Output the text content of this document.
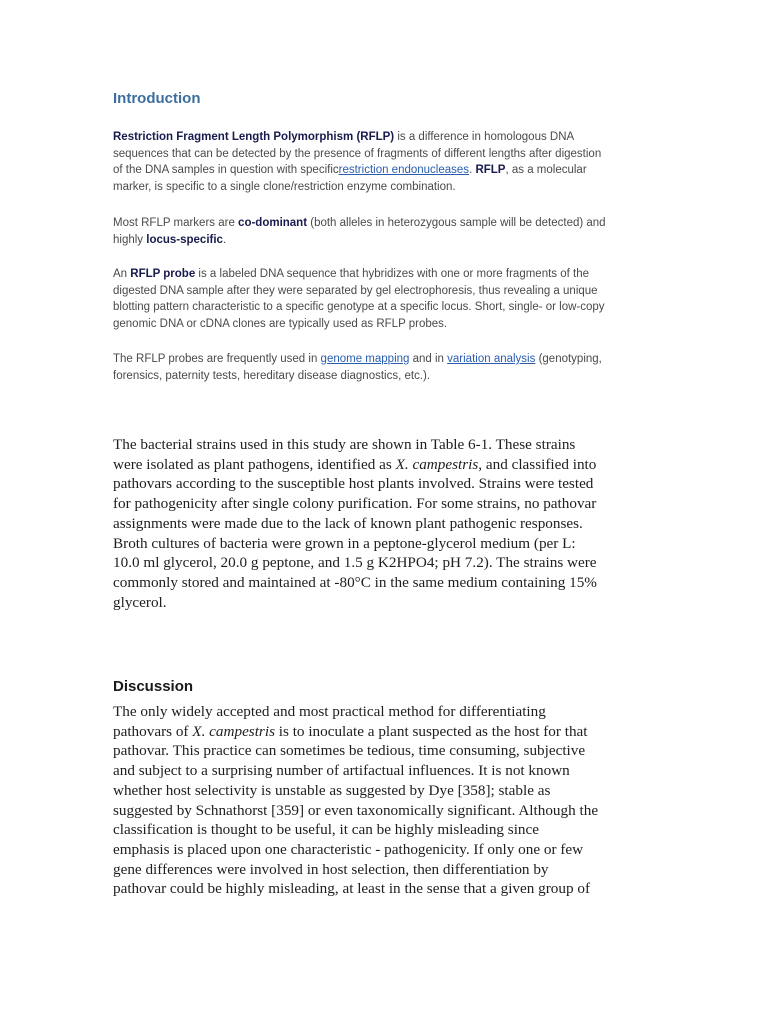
Introduction

Restriction Fragment Length Polymorphism (RFLP) is a difference in homologous DNA
sequences that can be detected by the presence of fragments of different lengths after digestion
of the DNA samples in question with specificrestriction endonucleases. RFLP, as a molecular
marker, is specific to a single clone/restriction enzyme combination.

Most RFLP markers are co-dominant (both alleles in heterozygous sample will be detected) and
highly locus-specific.

An RFLP probe is a labeled DNA sequence that hybridizes with one or more fragments of the
digested DNA sample after they were separated by gel electrophoresis, thus revealing a unique
blotting pattern characteristic to a specific genotype at a specific locus. Short, single- or low-copy
genomic DNA or cDNA clones are typically used as RFLP probes.

The RFLP probes are frequently used in genome mapping and in variation analysis (genotyping,
forensics, paternity tests, hereditary disease diagnostics, etc.).

The bacterial strains used in this study are shown in Table 6-1. These strains
were isolated as plant pathogens, identified as X. campestris, and classified into
pathovars according to the susceptible host plants involved. Strains were tested
for pathogenicity after single colony purification. For some strains, no pathovar
assignments were made due to the lack of known plant pathogenic responses.
Broth cultures of bacteria were grown in a peptone-glycerol medium (per L:
10.0 ml glycerol, 20.0 g peptone, and 1.5 g K2HPO4; pH 7.2). The strains were
commonly stored and maintained at -80°C in the same medium containing 15%
glycerol.

Discussion

The only widely accepted and most practical method for differentiating
pathovars of X. campestris is to inoculate a plant suspected as the host for that
pathovar. This practice can sometimes be tedious, time consuming, subjective
and subject to a surprising number of artifactual influences. It is not known
whether host selectivity is unstable as suggested by Dye [358]; stable as
suggested by Schnathorst [359] or even taxonomically significant. Although the
classification is thought to be useful, it can be highly misleading since
emphasis is placed upon one characteristic - pathogenicity. If only one or few
gene differences were involved in host selection, then differentiation by
pathovar could be highly misleading, at least in the sense that a given group of
